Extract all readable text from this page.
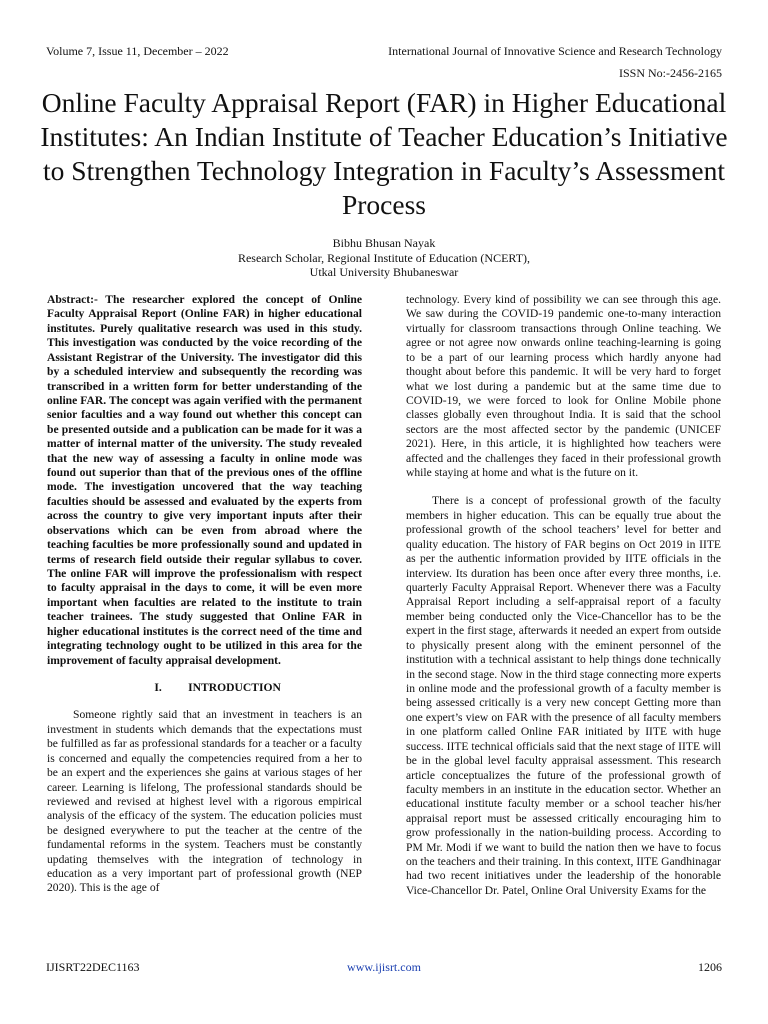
Volume 7, Issue 11, December – 2022	International Journal of Innovative Science and Research Technology
ISSN No:-2456-2165
Online Faculty Appraisal Report (FAR) in Higher Educational Institutes: An Indian Institute of Teacher Education’s Initiative to Strengthen Technology Integration in Faculty’s Assessment Process
Bibhu Bhusan Nayak
Research Scholar, Regional Institute of Education (NCERT),
Utkal University Bhubaneswar

Abstract:- The researcher explored the concept of Online Faculty Appraisal Report (Online FAR) in higher educational institutes. Purely qualitative research was used in this study. This investigation was conducted by the voice recording of the Assistant Registrar of the University. The investigator did this by a scheduled interview and subsequently the recording was transcribed in a written form for better understanding of the online FAR. The concept was again verified with the permanent senior faculties and a way found out whether this concept can be presented outside and a publication can be made for it was a matter of internal matter of the university. The study revealed that the new way of assessing a faculty in online mode was found out superior than that of the previous ones of the offline mode. The investigation uncovered that the way teaching faculties should be assessed and evaluated by the experts from across the country to give very important inputs after their observations which can be even from abroad where the teaching faculties be more professionally sound and updated in terms of research field outside their regular syllabus to cover. The online FAR will improve the professionalism with respect to faculty appraisal in the days to come, it will be even more important when faculties are related to the institute to train teacher trainees. The study suggested that Online FAR in higher educational institutes is the correct need of the time and integrating technology ought to be utilized in this area for the improvement of faculty appraisal development.

I. INTRODUCTION

Someone rightly said that an investment in teachers is an investment in students which demands that the expectations must be fulfilled as far as professional standards for a teacher or a faculty is concerned and equally the competencies required from a her to be an expert and the experiences she gains at various stages of her career. Learning is lifelong, The professional standards should be reviewed and revised at highest level with a rigorous empirical analysis of the efficacy of the system. The education policies must be designed everywhere to put the teacher at the centre of the fundamental reforms in the system. Teachers must be constantly updating themselves with the integration of technology in education as a very important part of professional growth (NEP 2020). This is the age of

technology. Every kind of possibility we can see through this age. We saw during the COVID-19 pandemic one-to-many interaction virtually for classroom transactions through Online teaching. We agree or not agree now onwards online teaching-learning is going to be a part of our learning process which hardly anyone had thought about before this pandemic. It will be very hard to forget what we lost during a pandemic but at the same time due to COVID-19, we were forced to look for Online Mobile phone classes globally even throughout India. It is said that the school sectors are the most affected sector by the pandemic (UNICEF 2021). Here, in this article, it is highlighted how teachers were affected and the challenges they faced in their professional growth while staying at home and what is the future on it.

There is a concept of professional growth of the faculty members in higher education. This can be equally true about the professional growth of the school teachers’ level for better and quality education. The history of FAR begins on Oct 2019 in IITE as per the authentic information provided by IITE officials in the interview. Its duration has been once after every three months, i.e. quarterly Faculty Appraisal Report. Whenever there was a Faculty Appraisal Report including a self-appraisal report of a faculty member being conducted only the Vice-Chancellor has to be the expert in the first stage, afterwards it needed an expert from outside to physically present along with the eminent personnel of the institution with a technical assistant to help things done technically in the second stage. Now in the third stage connecting more experts in online mode and the professional growth of a faculty member is being assessed critically is a very new concept Getting more than one expert’s view on FAR with the presence of all faculty members in one platform called Online FAR initiated by IITE with huge success. IITE technical officials said that the next stage of IITE will be in the global level faculty appraisal assessment. This research article conceptualizes the future of the professional growth of faculty members in an institute in the education sector. Whether an educational institute faculty member or a school teacher his/her appraisal report must be assessed critically encouraging him to grow professionally in the nation-building process. According to PM Mr. Modi if we want to build the nation then we have to focus on the teachers and their training. In this context, IITE Gandhinagar had two recent initiatives under the leadership of the honorable Vice-Chancellor Dr. Patel, Online Oral University Exams for the

IJISRT22DEC1163	www.ijisrt.com	1206
